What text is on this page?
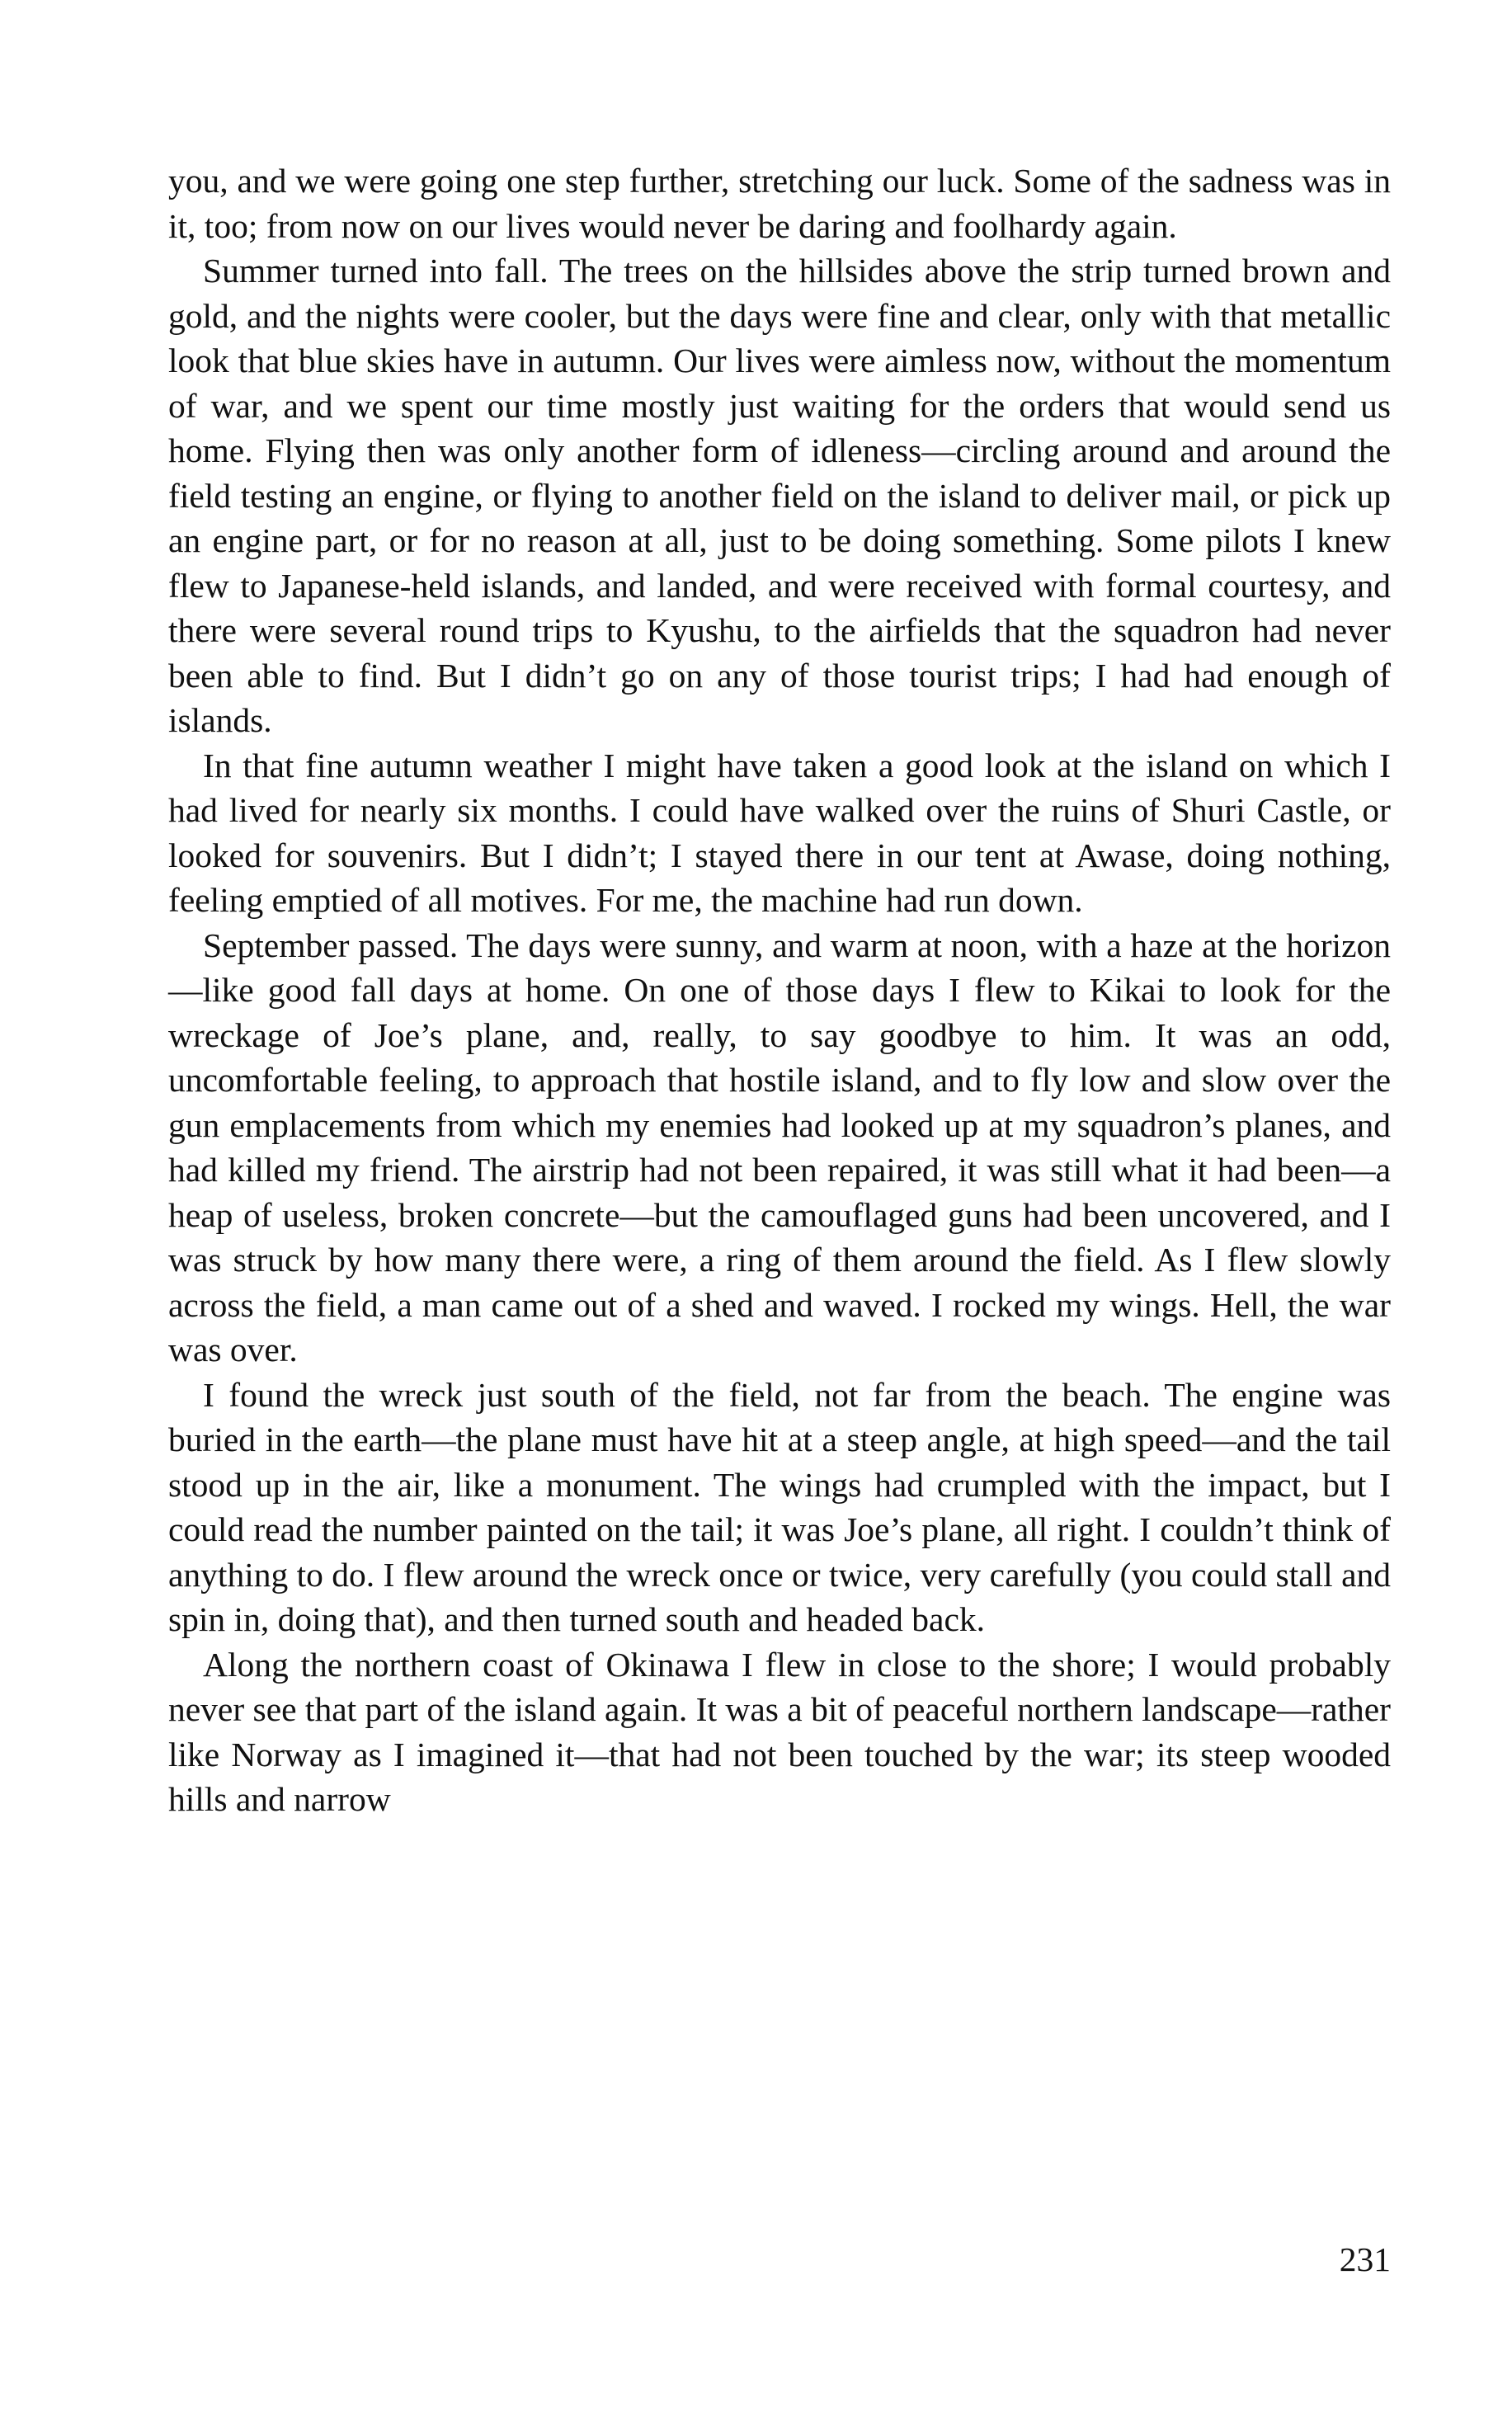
you, and we were going one step further, stretching our luck. Some of the sadness was in it, too; from now on our lives would never be daring and foolhardy again.

Summer turned into fall. The trees on the hillsides above the strip turned brown and gold, and the nights were cooler, but the days were fine and clear, only with that metallic look that blue skies have in autumn. Our lives were aimless now, without the momentum of war, and we spent our time mostly just waiting for the orders that would send us home. Flying then was only another form of idleness—circling around and around the field testing an engine, or flying to another field on the island to deliver mail, or pick up an engine part, or for no reason at all, just to be doing something. Some pilots I knew flew to Japanese-held islands, and landed, and were received with formal courtesy, and there were several round trips to Kyushu, to the airfields that the squadron had never been able to find. But I didn’t go on any of those tourist trips; I had had enough of islands.

In that fine autumn weather I might have taken a good look at the island on which I had lived for nearly six months. I could have walked over the ruins of Shuri Castle, or looked for souvenirs. But I didn’t; I stayed there in our tent at Awase, doing nothing, feeling emptied of all motives. For me, the machine had run down.

September passed. The days were sunny, and warm at noon, with a haze at the horizon—like good fall days at home. On one of those days I flew to Kikai to look for the wreckage of Joe’s plane, and, really, to say goodbye to him. It was an odd, uncomfortable feeling, to approach that hostile island, and to fly low and slow over the gun emplacements from which my enemies had looked up at my squadron’s planes, and had killed my friend. The airstrip had not been repaired, it was still what it had been—a heap of useless, broken concrete—but the camouflaged guns had been uncovered, and I was struck by how many there were, a ring of them around the field. As I flew slowly across the field, a man came out of a shed and waved. I rocked my wings. Hell, the war was over.

I found the wreck just south of the field, not far from the beach. The engine was buried in the earth—the plane must have hit at a steep angle, at high speed—and the tail stood up in the air, like a monument. The wings had crumpled with the impact, but I could read the number painted on the tail; it was Joe’s plane, all right. I couldn’t think of anything to do. I flew around the wreck once or twice, very carefully (you could stall and spin in, doing that), and then turned south and headed back.

Along the northern coast of Okinawa I flew in close to the shore; I would probably never see that part of the island again. It was a bit of peaceful northern landscape—rather like Norway as I imagined it—that had not been touched by the war; its steep wooded hills and narrow

231
